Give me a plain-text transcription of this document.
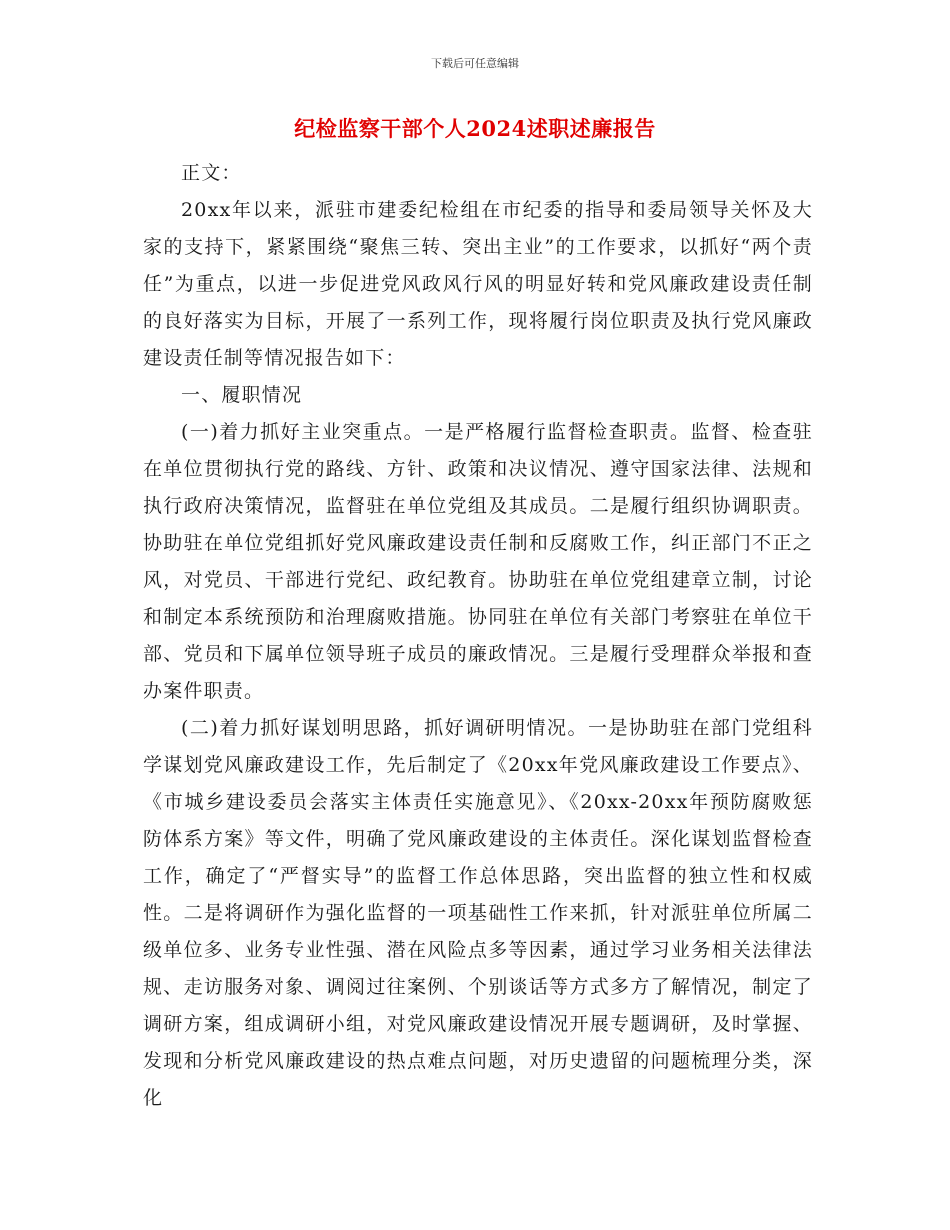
下载后可任意编辑
纪检监察干部个人2024述职述廉报告

正文：

20xx年以来，派驻市建委纪检组在市纪委的指导和委局领导关怀及大家的支持下，紧紧围绕“聚焦三转、突出主业”的工作要求，以抓好“两个责任”为重点，以进一步促进党风政风行风的明显好转和党风廉政建设责任制的良好落实为目标，开展了一系列工作，现将履行岗位职责及执行党风廉政建设责任制等情况报告如下：

一、履职情况

(一)着力抓好主业突重点。一是严格履行监督检查职责。监督、检查驻在单位贯彻执行党的路线、方针、政策和决议情况、遵守国家法律、法规和执行政府决策情况，监督驻在单位党组及其成员。二是履行组织协调职责。协助驻在单位党组抓好党风廉政建设责任制和反腐败工作，纠正部门不正之风，对党员、干部进行党纪、政纪教育。协助驻在单位党组建章立制，讨论和制定本系统预防和治理腐败措施。协同驻在单位有关部门考察驻在单位干部、党员和下属单位领导班子成员的廉政情况。三是履行受理群众举报和查办案件职责。

(二)着力抓好谋划明思路，抓好调研明情况。一是协助驻在部门党组科学谋划党风廉政建设工作，先后制定了《20xx年党风廉政建设工作要点》、《市城乡建设委员会落实主体责任实施意见》、《20xx-20xx年预防腐败惩防体系方案》等文件，明确了党风廉政建设的主体责任。深化谋划监督检查工作，确定了“严督实导”的监督工作总体思路，突出监督的独立性和权威性。二是将调研作为强化监督的一项基础性工作来抓，针对派驻单位所属二级单位多、业务专业性强、潜在风险点多等因素，通过学习业务相关法律法规、走访服务对象、调阅过往案例、个别谈话等方式多方了解情况，制定了调研方案，组成调研小组，对党风廉政建设情况开展专题调研，及时掌握、发现和分析党风廉政建设的热点难点问题，对历史遗留的问题梳理分类，深化
